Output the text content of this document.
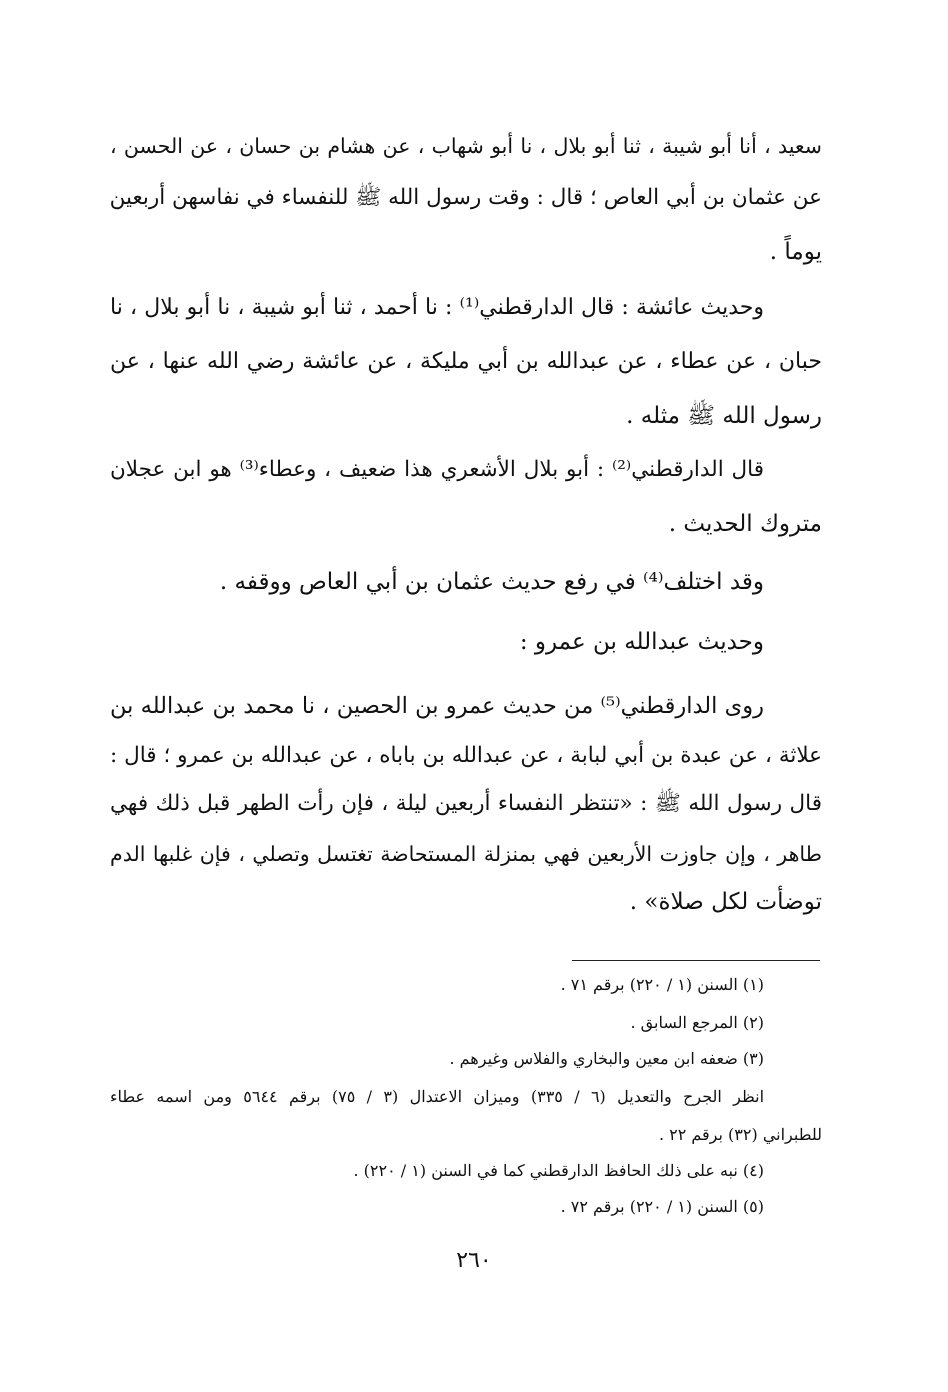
سعيد ، أنا أبو شيبة ، ثنا أبو بلال ، نا أبو شهاب ، عن هشام بن حسان ، عن الحسن ،
عن عثمان بن أبي العاص ؛ قال : وقت رسول الله ﷺ للنفساء في نفاسهن أربعين
يوماً .
وحديث عائشة : قال الدارقطني⁽¹⁾ : نا أحمد ، ثنا أبو شيبة ، نا أبو بلال ، نا
حبان ، عن عطاء ، عن عبدالله بن أبي مليكة ، عن عائشة رضي الله عنها ، عن
رسول الله ﷺ مثله .
قال الدارقطني⁽²⁾ : أبو بلال الأشعري هذا ضعيف ، وعطاء⁽³⁾ هو ابن عجلان
متروك الحديث .
وقد اختلف⁽⁴⁾ في رفع حديث عثمان بن أبي العاص ووقفه .
وحديث عبدالله بن عمرو :
روى الدارقطني⁽⁵⁾ من حديث عمرو بن الحصين ، نا محمد بن عبدالله بن
علاثة ، عن عبدة بن أبي لبابة ، عن عبدالله بن باباه ، عن عبدالله بن عمرو ؛ قال :
قال رسول الله ﷺ : «تنتظر النفساء أربعين ليلة ، فإن رأت الطهر قبل ذلك فهي
طاهر ، وإن جاوزت الأربعين فهي بمنزلة المستحاضة تغتسل وتصلي ، فإن غلبها الدم
توضأت لكل صلاة» .
(١) السنن (١ / ٢٢٠) برقم ٧١ .
(٢) المرجع السابق .
(٣) ضعفه ابن معين والبخاري والفلاس وغيرهم .
انظر الجرح والتعديل (٦ / ٣٣٥) وميزان الاعتدال (٣ / ٧٥) برقم ٥٦٤٤ ومن اسمه عطاء
للطبراني (٣٢) برقم ٢٢ .
(٤) نبه على ذلك الحافظ الدارقطني كما في السنن (١ / ٢٢٠) .
(٥) السنن (١ / ٢٢٠) برقم ٧٢ .
٢٦٠
